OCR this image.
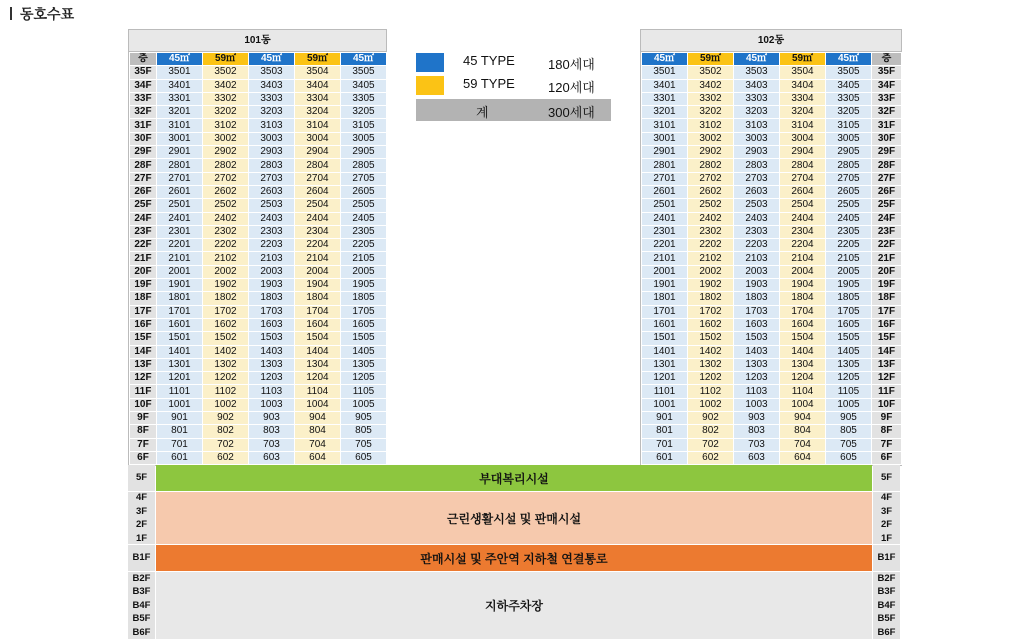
동호수표
101동
층	45㎡	59㎡	45㎡	59㎡	45㎡
35F	3501	3502	3503	3504	3505
34F	3401	3402	3403	3404	3405
33F	3301	3302	3303	3304	3305
32F	3201	3202	3203	3204	3205
31F	3101	3102	3103	3104	3105
30F	3001	3002	3003	3004	3005
29F	2901	2902	2903	2904	2905
28F	2801	2802	2803	2804	2805
27F	2701	2702	2703	2704	2705
26F	2601	2602	2603	2604	2605
25F	2501	2502	2503	2504	2505
24F	2401	2402	2403	2404	2405
23F	2301	2302	2303	2304	2305
22F	2201	2202	2203	2204	2205
21F	2101	2102	2103	2104	2105
20F	2001	2002	2003	2004	2005
19F	1901	1902	1903	1904	1905
18F	1801	1802	1803	1804	1805
17F	1701	1702	1703	1704	1705
16F	1601	1602	1603	1604	1605
15F	1501	1502	1503	1504	1505
14F	1401	1402	1403	1404	1405
13F	1301	1302	1303	1304	1305
12F	1201	1202	1203	1204	1205
11F	1101	1102	1103	1104	1105
10F	1001	1002	1003	1004	1005
9F	901	902	903	904	905
8F	801	802	803	804	805
7F	701	702	703	704	705
6F	601	602	603	604	605
102동
45㎡	59㎡	45㎡	59㎡	45㎡	층
3501	3502	3503	3504	3505	35F
3401	3402	3403	3404	3405	34F
3301	3302	3303	3304	3305	33F
3201	3202	3203	3204	3205	32F
3101	3102	3103	3104	3105	31F
3001	3002	3003	3004	3005	30F
2901	2902	2903	2904	2905	29F
2801	2802	2803	2804	2805	28F
2701	2702	2703	2704	2705	27F
2601	2602	2603	2604	2605	26F
2501	2502	2503	2504	2505	25F
2401	2402	2403	2404	2405	24F
2301	2302	2303	2304	2305	23F
2201	2202	2203	2204	2205	22F
2101	2102	2103	2104	2105	21F
2001	2002	2003	2004	2005	20F
1901	1902	1903	1904	1905	19F
1801	1802	1803	1804	1805	18F
1701	1702	1703	1704	1705	17F
1601	1602	1603	1604	1605	16F
1501	1502	1503	1504	1505	15F
1401	1402	1403	1404	1405	14F
1301	1302	1303	1304	1305	13F
1201	1202	1203	1204	1205	12F
1101	1102	1103	1104	1105	11F
1001	1002	1003	1004	1005	10F
901	902	903	904	905	9F
801	802	803	804	805	8F
701	702	703	704	705	7F
601	602	603	604	605	6F
45 TYPE	180세대
59 TYPE	120세대
계	300세대
5F	부대복리시설	5F
4F
3F
2F
1F
근린생활시설 및 판매시설
4F
3F
2F
1F
B1F	판매시설 및 주안역 지하철 연결통로	B1F
B2F
B3F
B4F
B5F
B6F
지하주차장
B2F
B3F
B4F
B5F
B6F
